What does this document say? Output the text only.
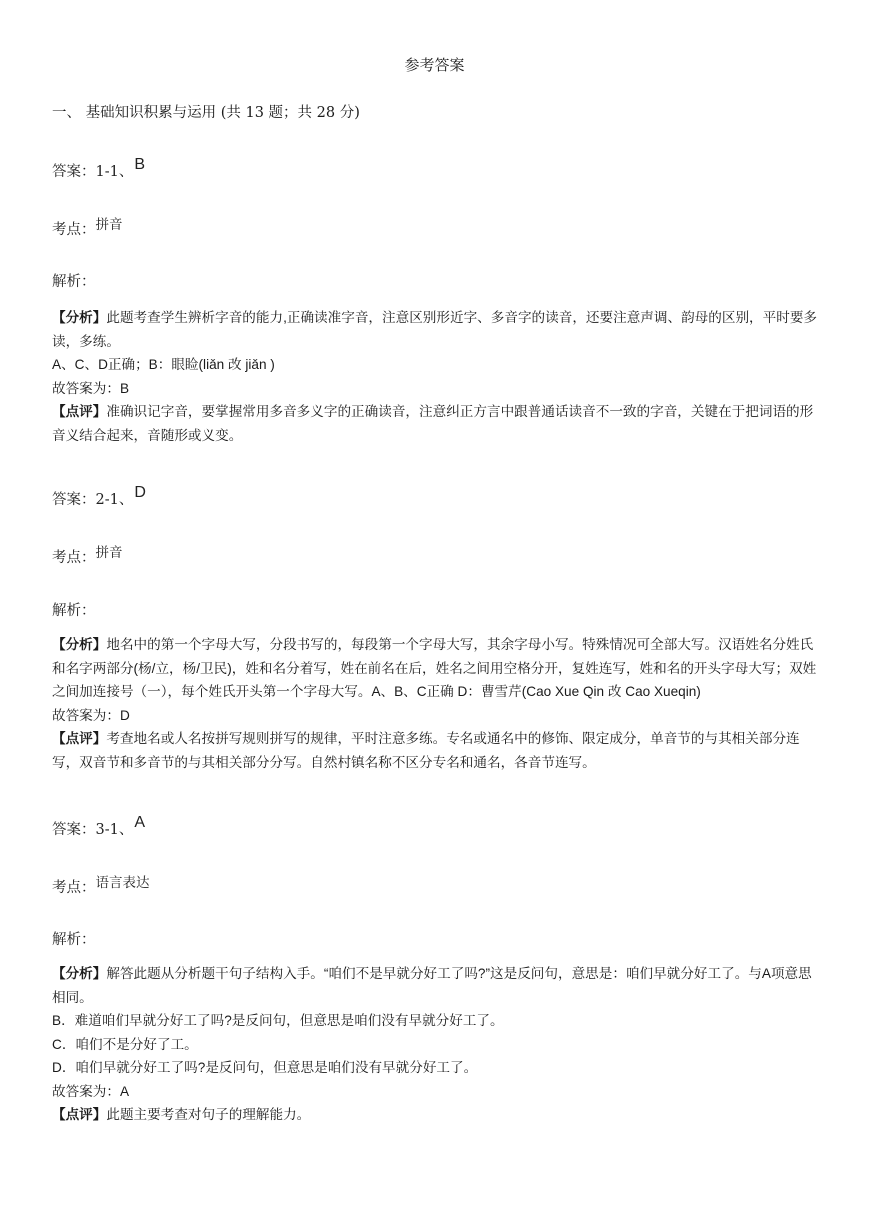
参考答案
一、 基础知识积累与运用 (共 13 题；共 28 分)
答案：1-1、B
考点：拼音
解析：

【分析】此题考查学生辨析字音的能力,正确读准字音，注意区别形近字、多音字的读音，还要注意声调、韵母的区别，平时要多读，多练。

A、C、D正确；B：眼睑(liǎn 改 jiǎn )

故答案为：B

【点评】准确识记字音，要掌握常用多音多义字的正确读音，注意纠正方言中跟普通话读音不一致的字音，关键在于把词语的形音义结合起来，音随形或义变。

答案：2-1、D
考点：拼音
解析：

【分析】地名中的第一个字母大写，分段书写的，每段第一个字母大写，其余字母小写。特殊情况可全部大写。汉语姓名分姓氏和名字两部分(杨/立，杨/卫民)，姓和名分着写，姓在前名在后，姓名之间用空格分开，复姓连写，姓和名的开头字母大写；双姓之间加连接号（一），每个姓氏开头第一个字母大写。A、B、C正确 D：曹雪芹(Cao Xue Qin 改 Cao Xueqin)

故答案为：D

【点评】考查地名或人名按拼写规则拼写的规律，平时注意多练。专名或通名中的修饰、限定成分，单音节的与其相关部分连写，双音节和多音节的与其相关部分分写。自然村镇名称不区分专名和通名，各音节连写。

答案：3-1、A
考点：语言表达
解析：

【分析】解答此题从分析题干句子结构入手。“咱们不是早就分好工了吗?”这是反问句，意思是：咱们早就分好工了。与A项意思相同。

B．难道咱们早就分好工了吗?是反问句，但意思是咱们没有早就分好工了。

C．咱们不是分好了工。

D．咱们早就分好工了吗?是反问句，但意思是咱们没有早就分好工了。

故答案为：A

【点评】此题主要考查对句子的理解能力。
